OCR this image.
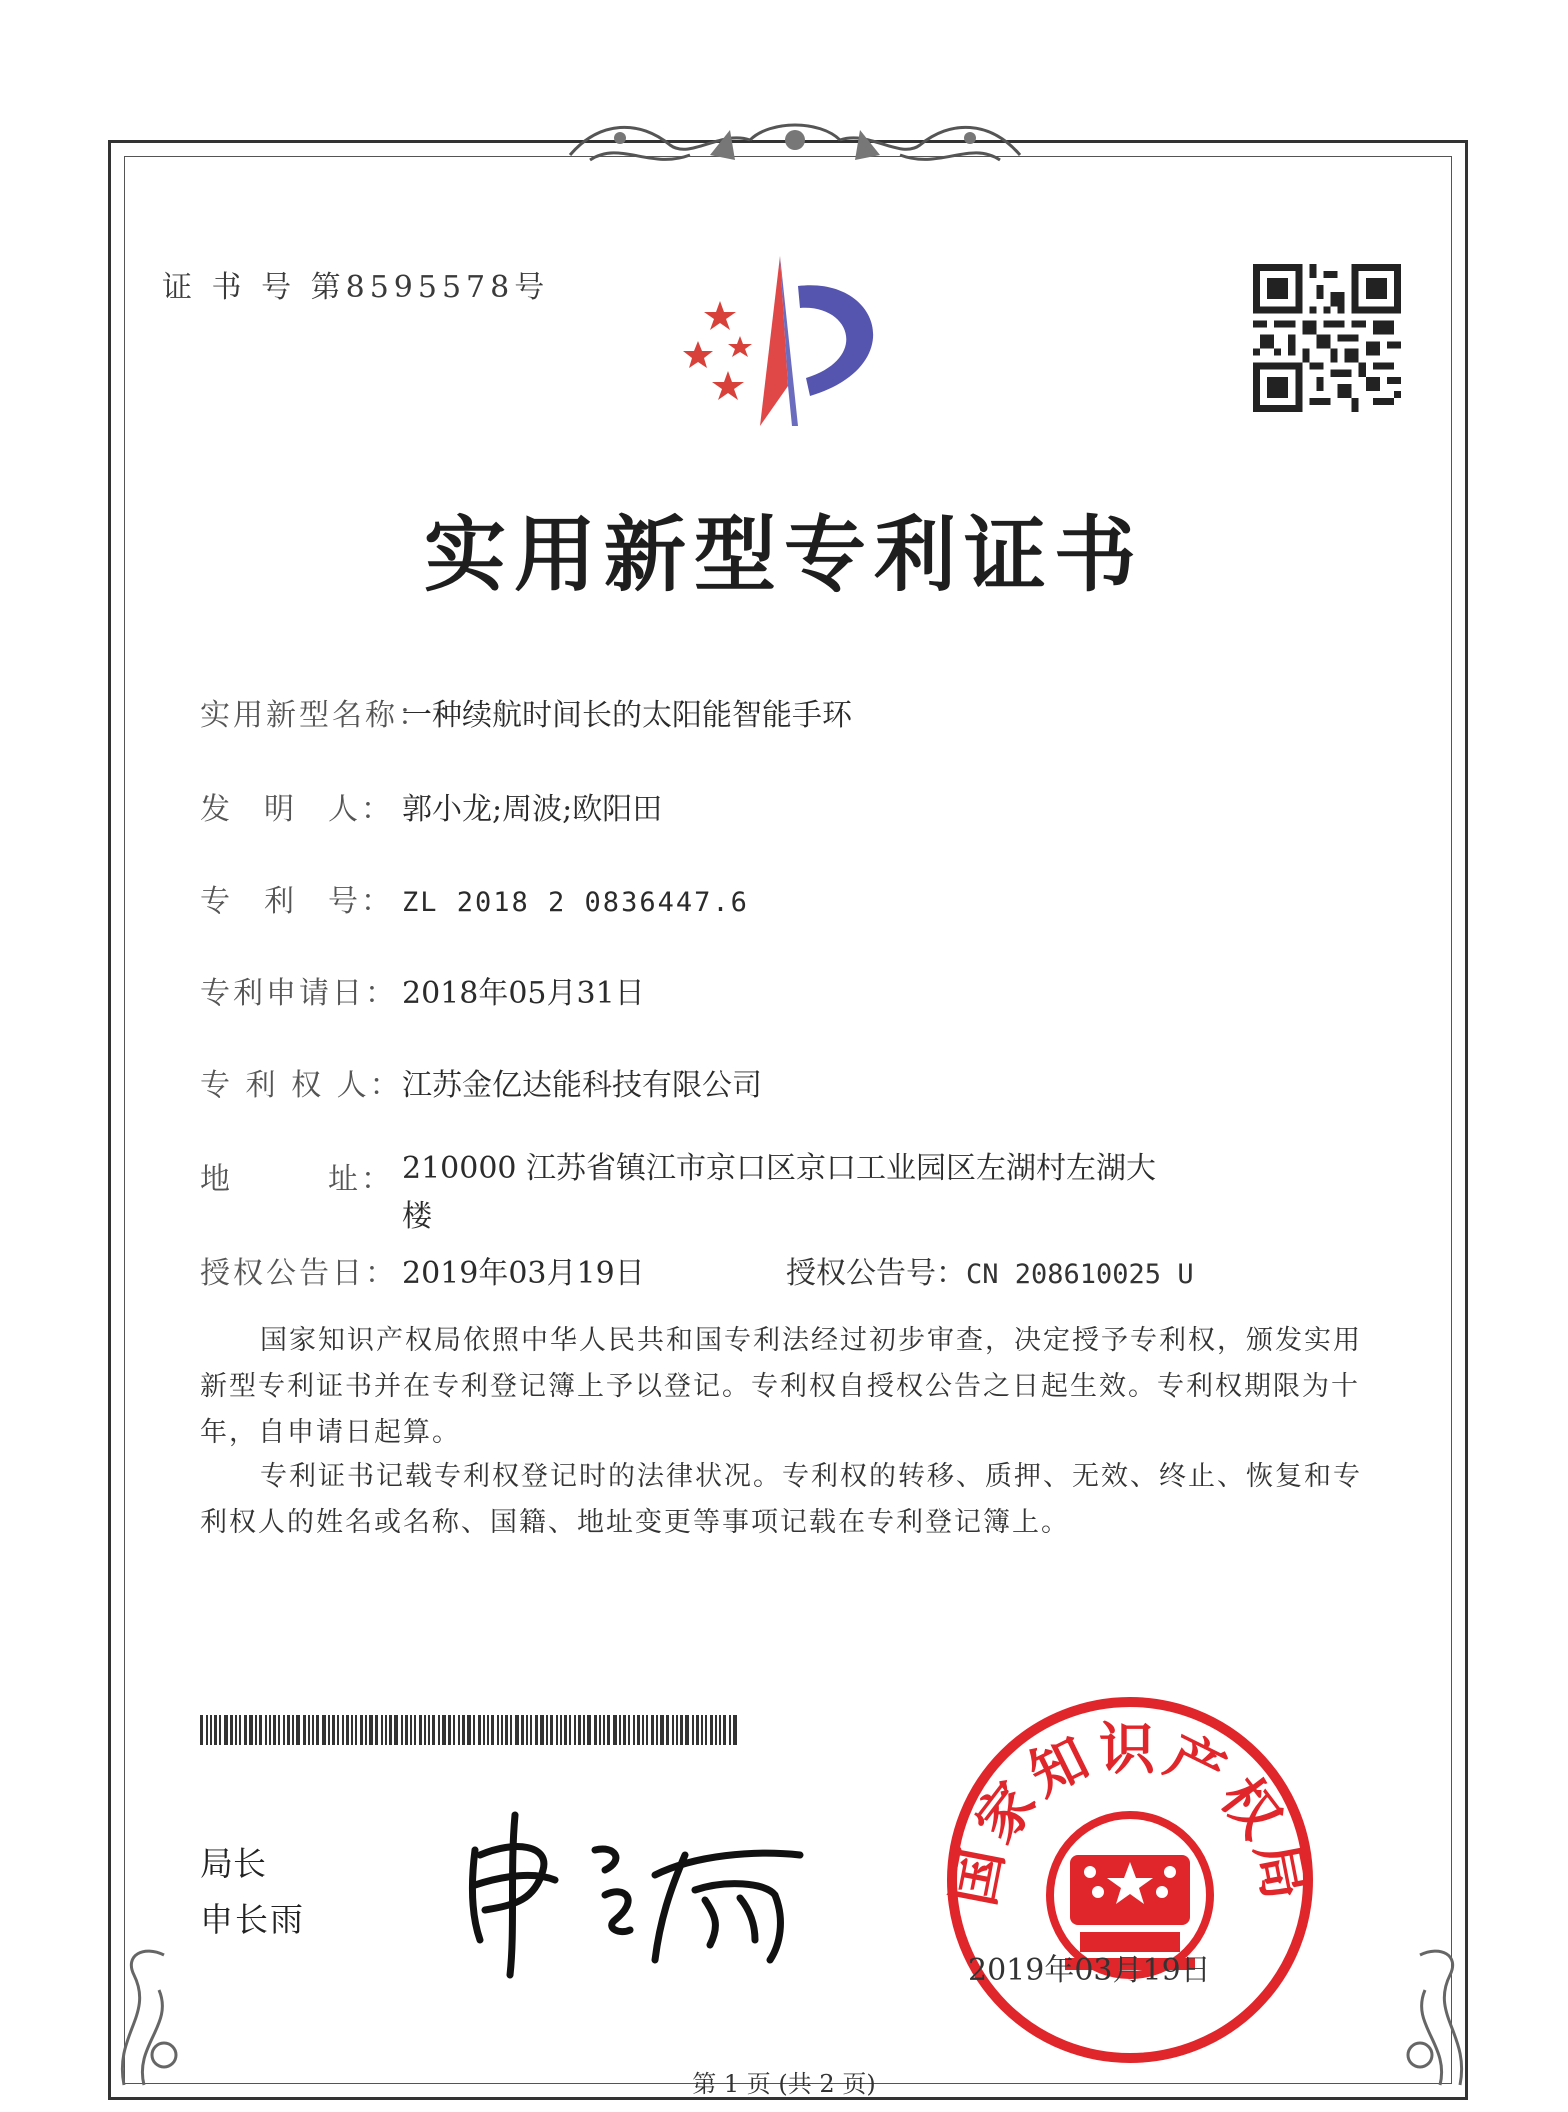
证 书 号 第8595578号
实用新型专利证书
实用新型名称：一种续航时间长的太阳能智能手环
发 明 人： 郭小龙;周波;欧阳田
专 利 号： ZL 2018 2 0836447.6
专利申请日： 2018年05月31日
专 利 权 人：江苏金亿达能科技有限公司
地	址： 210000 江苏省镇江市京口区京口工业园区左湖村左湖大楼
授权公告日： 2019年03月19日	授权公告号：CN 208610025 U
国家知识产权局依照中华人民共和国专利法经过初步审查，决定授予专利权，颁发实用新型专利证书并在专利登记簿上予以登记。专利权自授权公告之日起生效。专利权期限为十年，自申请日起算。
专利证书记载专利权登记时的法律状况。专利权的转移、质押、无效、终止、恢复和专利权人的姓名或名称、国籍、地址变更等事项记载在专利登记簿上。
局长
申长雨
国家知识产权局
2019年03月19日
第 1 页 (共 2 页)
